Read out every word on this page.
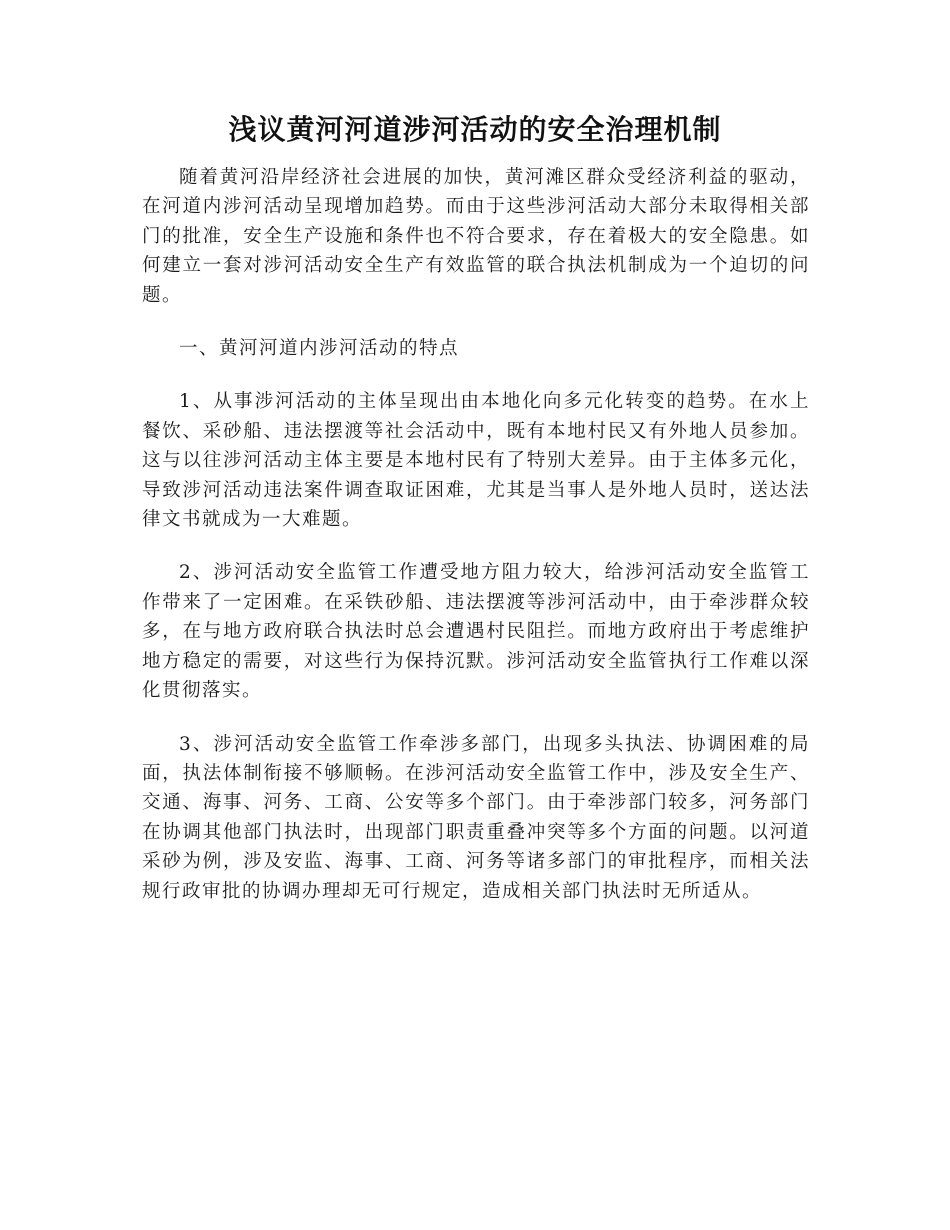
浅议黄河河道涉河活动的安全治理机制

随着黄河沿岸经济社会进展的加快，黄河滩区群众受经济利益的驱动，在河道内涉河活动呈现增加趋势。而由于这些涉河活动大部分未取得相关部门的批准，安全生产设施和条件也不符合要求，存在着极大的安全隐患。如何建立一套对涉河活动安全生产有效监管的联合执法机制成为一个迫切的问题。

一、黄河河道内涉河活动的特点

1、从事涉河活动的主体呈现出由本地化向多元化转变的趋势。在水上餐饮、采砂船、违法摆渡等社会活动中，既有本地村民又有外地人员参加。这与以往涉河活动主体主要是本地村民有了特别大差异。由于主体多元化，导致涉河活动违法案件调查取证困难，尤其是当事人是外地人员时，送达法律文书就成为一大难题。

2、涉河活动安全监管工作遭受地方阻力较大，给涉河活动安全监管工作带来了一定困难。在采铁砂船、违法摆渡等涉河活动中，由于牵涉群众较多，在与地方政府联合执法时总会遭遇村民阻拦。而地方政府出于考虑维护地方稳定的需要，对这些行为保持沉默。涉河活动安全监管执行工作难以深化贯彻落实。

3、涉河活动安全监管工作牵涉多部门，出现多头执法、协调困难的局面，执法体制衔接不够顺畅。在涉河活动安全监管工作中，涉及安全生产、交通、海事、河务、工商、公安等多个部门。由于牵涉部门较多，河务部门在协调其他部门执法时，出现部门职责重叠冲突等多个方面的问题。以河道采砂为例，涉及安监、海事、工商、河务等诸多部门的审批程序，而相关法规行政审批的协调办理却无可行规定，造成相关部门执法时无所适从。
